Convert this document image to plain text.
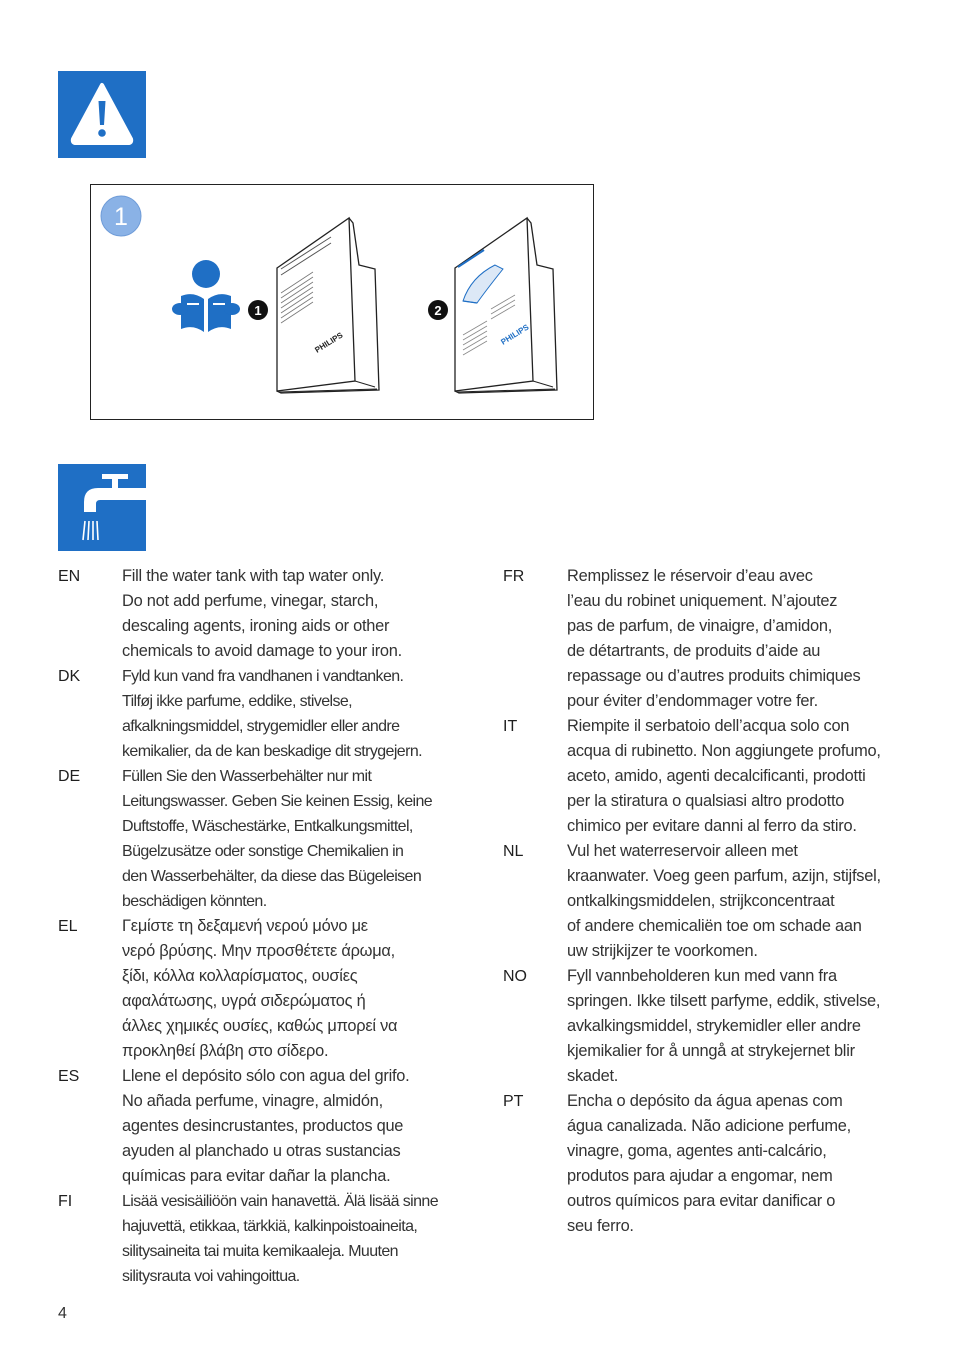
1
PHILIPS
1
PHILIPS
2
EN	Fill the water tank with tap water only.
Do not add perfume, vinegar, starch,
descaling agents, ironing aids or other
chemicals to avoid damage to your iron.
DK	Fyld kun vand fra vandhanen i vandtanken.
Tilføj ikke parfume, eddike, stivelse,
afkalkningsmiddel, strygemidler eller andre
kemikalier, da de kan beskadige dit strygejern.
DE	Füllen Sie den Wasserbehälter nur mit
Leitungswasser. Geben Sie keinen Essig, keine
Duftstoffe, Wäschestärke, Entkalkungsmittel,
Bügelzusätze oder sonstige Chemikalien in
den Wasserbehälter, da diese das Bügeleisen
beschädigen könnten.
EL	Γεμίστε τη δεξαμενή νερού μόνο με
νερό βρύσης. Μην προσθέτετε άρωμα,
ξίδι, κόλλα κολλαρίσματος, ουσίες
αφαλάτωσης, υγρά σιδερώματος ή
άλλες χημικές ουσίες, καθώς μπορεί να
προκληθεί βλάβη στο σίδερο.
ES	Llene el depósito sólo con agua del grifo.
No añada perfume, vinagre, almidón,
agentes desincrustantes, productos que
ayuden al planchado u otras sustancias
químicas para evitar dañar la plancha.
FI	Lisää vesisäiliöön vain hanavettä. Älä lisää sinne
hajuvettä, etikkaa, tärkkiä, kalkinpoistoaineita,
silitysaineita tai muita kemikaaleja. Muuten
silitysrauta voi vahingoittua.
FR	Remplissez le réservoir d’eau avec
l’eau du robinet uniquement. N’ajoutez
pas de parfum, de vinaigre, d’amidon,
de détartrants, de produits d’aide au
repassage ou d’autres produits chimiques
pour éviter d’endommager votre fer.
IT	Riempite il serbatoio dell’acqua solo con
acqua di rubinetto. Non aggiungete profumo,
aceto, amido, agenti decalcificanti, prodotti
per la stiratura o qualsiasi altro prodotto
chimico per evitare danni al ferro da stiro.
NL	Vul het waterreservoir alleen met
kraanwater. Voeg geen parfum, azijn, stijfsel,
ontkalkingsmiddelen, strijkconcentraat
of andere chemicaliën toe om schade aan
uw strijkijzer te voorkomen.
NO	Fyll vannbeholderen kun med vann fra
springen. Ikke tilsett parfyme, eddik, stivelse,
avkalkingsmiddel, strykemidler eller andre
kjemikalier for å unngå at strykejernet blir
skadet.
PT	Encha o depósito da água apenas com
água canalizada. Não adicione perfume,
vinagre, goma, agentes anti-calcário,
produtos para ajudar a engomar, nem
outros químicos para evitar danificar o
seu ferro.
4
